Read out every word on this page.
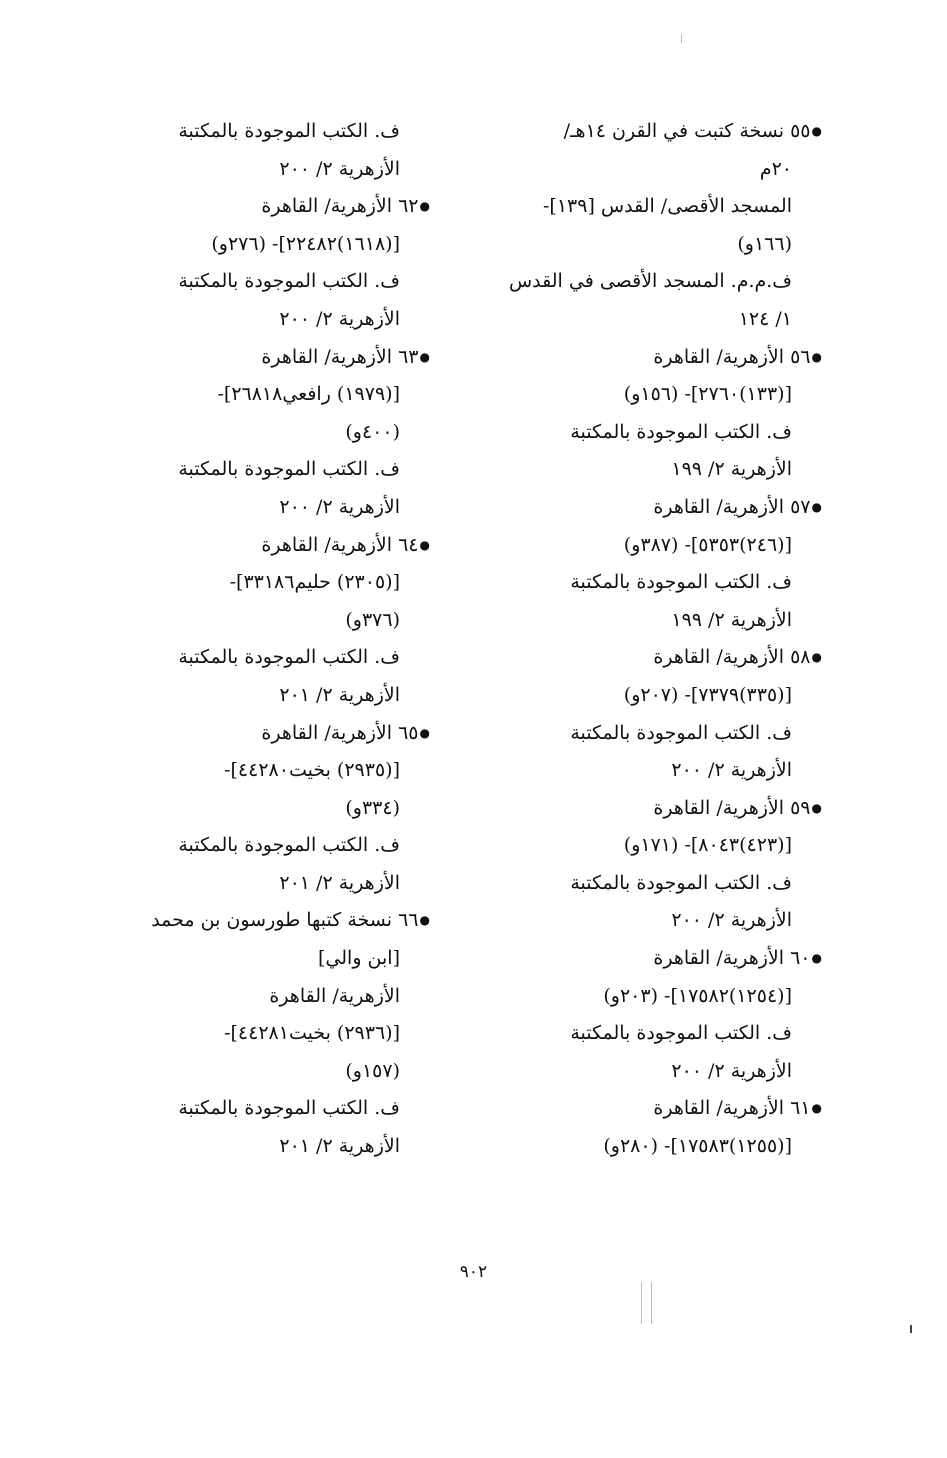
●٥٥ نسخة كتبت في القرن ١٤هـ/
٢٠م
المسجد الأقصى/ القدس [١٣٩]-
(١٦٦و)
ف.م.م. المسجد الأقصى في القدس
١/ ١٢٤
●٥٦ الأزهرية/ القاهرة
[(١٣٣)٢٧٦٠]- (١٥٦و)
ف. الكتب الموجودة بالمكتبة
الأزهرية ٢/ ١٩٩
●٥٧ الأزهرية/ القاهرة
[(٢٤٦)٥٣٥٣]- (٣٨٧و)
ف. الكتب الموجودة بالمكتبة
الأزهرية ٢/ ١٩٩
●٥٨ الأزهرية/ القاهرة
[(٣٣٥)٧٣٧٩]- (٢٠٧و)
ف. الكتب الموجودة بالمكتبة
الأزهرية ٢/ ٢٠٠
●٥٩ الأزهرية/ القاهرة
[(٤٢٣)٨٠٤٣]- (١٧١و)
ف. الكتب الموجودة بالمكتبة
الأزهرية ٢/ ٢٠٠
●٦٠ الأزهرية/ القاهرة
[(١٢٥٤)١٧٥٨٢]- (٢٠٣و)
ف. الكتب الموجودة بالمكتبة
الأزهرية ٢/ ٢٠٠
●٦١ الأزهرية/ القاهرة
[(١٢٥٥)١٧٥٨٣]- (٢٨٠و)
ف. الكتب الموجودة بالمكتبة
الأزهرية ٢/ ٢٠٠
●٦٢ الأزهرية/ القاهرة
[(١٦١٨)٢٢٤٨٢]- (٢٧٦و)
ف. الكتب الموجودة بالمكتبة
الأزهرية ٢/ ٢٠٠
●٦٣ الأزهرية/ القاهرة
[(١٩٧٩) رافعي٢٦٨١٨]-
(٤٠٠و)
ف. الكتب الموجودة بالمكتبة
الأزهرية ٢/ ٢٠٠
●٦٤ الأزهرية/ القاهرة
[(٢٣٠٥) حليم٣٣١٨٦]-
(٣٧٦و)
ف. الكتب الموجودة بالمكتبة
الأزهرية ٢/ ٢٠١
●٦٥ الأزهرية/ القاهرة
[(٢٩٣٥) بخيت٤٤٢٨٠]-
(٣٣٤و)
ف. الكتب الموجودة بالمكتبة
الأزهرية ٢/ ٢٠١
●٦٦ نسخة كتبها طورسون بن محمد
[ابن والي]
الأزهرية/ القاهرة
[(٢٩٣٦) بخيت٤٤٢٨١]-
(١٥٧و)
ف. الكتب الموجودة بالمكتبة
الأزهرية ٢/ ٢٠١
٩٠٢
